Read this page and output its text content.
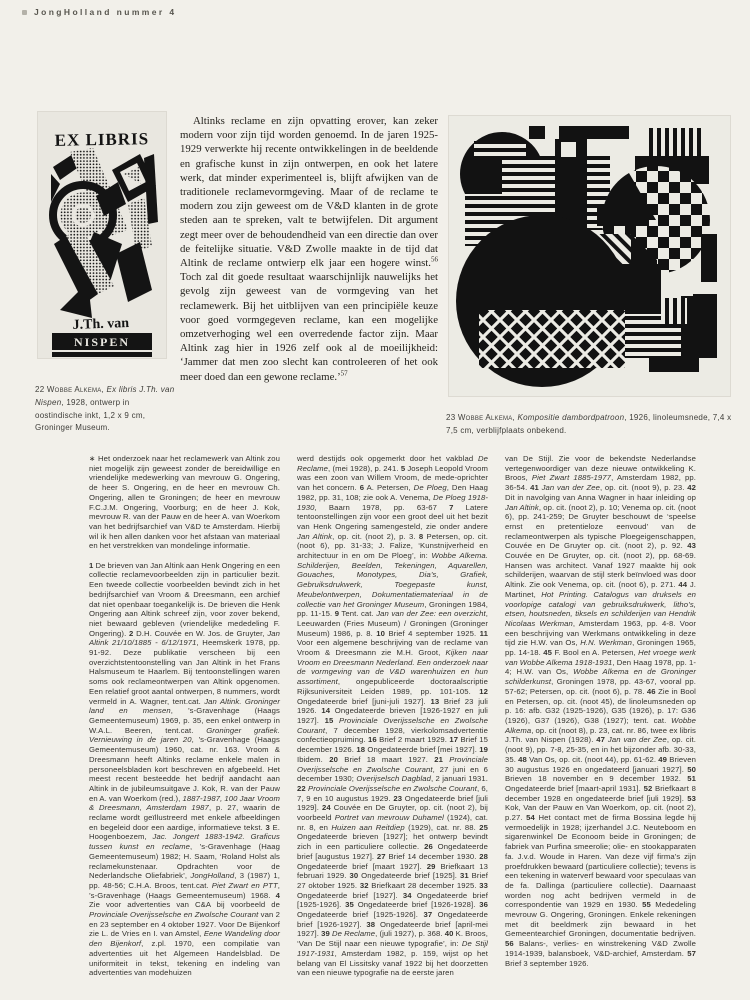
JongHolland nummer 4
EX LIBRIS
J.Th. van
NISPEN

Altinks reclame en zijn opvatting erover, kan zeker modern voor zijn tijd worden genoemd. In de jaren 1925-1929 verwerkte hij recente ontwikkelingen in de beeldende en grafische kunst in zijn ontwerpen, en ook het latere werk, dat minder experimenteel is, blijft afwijken van de traditionele reclamevormgeving. Maar of de reclame te modern zou zijn geweest om de V&D klanten in de grote steden aan te spreken, valt te betwijfelen. Dit argument zegt meer over de behoudendheid van een directie dan over de feitelijke situatie. V&D Zwolle maakte in de tijd dat Altink de reclame ontwierp elk jaar een hogere winst.$^{56}$ Toch zal dit goede resultaat waarschijnlijk nauwelijks het gevolg zijn geweest van de vormgeving van het reclamewerk. Bij het uitblijven van een principiële keuze voor goed vormgegeven reclame, kan een mogelijke omzetverhoging wel een overredende factor zijn. Maar Altink zag hier in 1926 zelf ook al de moeilijkheid: ‘Jammer dat men zoo slecht kan controleeren of het ook meer doed dan een gewone reclame.’$^{57}$

22 Wobbe Alkema, Ex libris J.Th. van Nispen, 1928, ontwerp in oostindische inkt, 1,2 x 9 cm, Groninger Museum.

23 Wobbe Alkema, Kompositie dambordpatroon, 1926, linoleumsnede, 7,4 x 7,5 cm, verblijfplaats onbekend.

∗ Het onderzoek naar het reclamewerk van Altink zou niet mogelijk zijn geweest zonder de bereidwillige en vriendelijke medewerking van mevrouw G. Ongering, de heer S. Ongering, en de heer en mevrouw Ch. Ongering, allen te Groningen; de heer en mevrouw F.C.J.M. Ongering, Voorburg; en de heer J. Kok, mevrouw R. van der Pauw en de heer A. van Woerkom van het bedrijfsarchief van V&D te Amsterdam. Hierbij wil ik hen allen danken voor het afstaan van materiaal en het verstrekken van mondelinge informatie.

1 De brieven van Jan Altink aan Henk Ongering en een collectie reclamevoorbeelden zijn in particulier bezit. Een tweede collectie voorbeelden bevindt zich in het bedrijfsarchief van Vroom & Dreesmann, een archief dat niet openbaar toegankelijk is. De brieven die Henk Ongering aan Altink schreef zijn, voor zover bekend, niet bewaard gebleven (vriendelijke mededeling F. Ongering). 2 D.H. Couvée en W. Jos. de Gruyter, Jan Altink 21/10/1885 - 6/12/1971, Heemskerk 1978, pp. 91-92. Deze publikatie verscheen bij een overzichtstentoonstelling van Jan Altink in het Frans Halsmuseum te Haarlem. Bij tentoonstellingen waren soms ook reclameontwerpen van Altink opgenomen. Een relatief groot aantal ontwerpen, 8 nummers, wordt vermeld in A. Wagner, tent.cat. Jan Altink. Groninger land en mensen, ’s-Gravenhage (Haags Gemeentemuseum) 1969, p. 35, een enkel ontwerp in W.A.L. Beeren, tent.cat. Groninger grafiek. Vernieuwing in de jaren 20, ’s-Gravenhage (Haags Gemeentemuseum) 1960, cat. nr. 163. Vroom & Dreesmann heeft Altinks reclame enkele malen in personeelsbladen kort beschreven en afgebeeld. Het meest recent besteedde het bedrijf aandacht aan Altink in de jubileumsuitgave J. Kok, R. van der Pauw en A. van Woerkom (red.), 1887-1987, 100 Jaar Vroom & Dreesmann, Amsterdam 1987, p. 27, waarin de reclame wordt geïllustreerd met enkele afbeeldingen en begeleid door een aardige, informatieve tekst. 3 E. Hoogenboezem, Jac. Jongert 1883-1942. Graficus tussen kunst en reclame, ’s-Gravenhage (Haag Gemeentemuseum) 1982; H. Saam, ‘Roland Holst als reclamekunstenaar. Opdrachten voor de Nederlandsche Oliefabriek’, JongHolland, 3 (1987) 1, pp. 48-56; C.H.A. Broos, tent.cat. Piet Zwart en PTT, ’s-Gravenhage (Haags Gemeentemuseum) 1968. 4 Zie voor advertenties van C&A bij voorbeeld de Provinciale Overijsselsche en Zwolsche Courant van 2 en 23 september en 4 oktober 1927. Voor De Bijenkorf zie L. de Vries en I. van Amstel, Eene Wandeling door den Bijenkorf, z.pl. 1970, een compilatie van advertenties uit het Algemeen Handelsblad. De uniformiteit in tekst, tekening en indeling van advertenties van modehuizen
werd destijds ook opgemerkt door het vakblad De Reclame, (mei 1928), p. 241. 5 Joseph Leopold Vroom was een zoon van Willem Vroom, de mede-oprichter van het concern. 6 A. Petersen, De Ploeg, Den Haag 1982, pp. 31, 108; zie ook A. Venema, De Ploeg 1918-1930, Baarn 1978, pp. 63-67 7 Latere tentoonstellingen zijn voor een groot deel uit het bezit van Henk Ongering samengesteld, zie onder andere Jan Altink, op. cit. (noot 2), p. 3. 8 Petersen, op. cit. (noot 6), pp. 31-33; J. Falize, ‘Kunstnijverheid en architectuur in en om De Ploeg’, in: Wobbe Alkema. Schilderijen, Beelden, Tekeningen, Aquarellen, Gouaches, Monotypes, Dia’s, Grafiek, Gebruiksdrukwerk, Toegepaste kunst, Meubelontwerpen, Dokumentatiemateriaal in de collectie van het Groninger Museum, Groningen 1984, pp. 11-15. 9 Tent. cat. Jan van der Zee: een overzicht, Leeuwarden (Fries Museum) / Groningen (Groninger Museum) 1986, p. 8. 10 Brief 4 september 1925. 11 Voor een algemene beschrijving van de reclame van Vroom & Dreesmann zie M.H. Groot, Kijken naar Vroom en Dreesmann Nederland. Een onderzoek naar de vormgeving van de V&D warenhuizen en hun assortiment, ongepubliceerde doctoraalscriptie Rijksuniversiteit Leiden 1989, pp. 101-105. 12 Ongedateerde brief [juni-juli 1927]. 13 Brief 23 juli 1926. 14 Ongedateerde brieven [1926-1927 en juli 1927]. 15 Provinciale Overijsselsche en Zwolsche Courant, 7 december 1928, vierkolomsadvertentie confectieopruiming. 16 Brief 2 maart 1929. 17 Brief 15 december 1926. 18 Ongedateerde brief [mei 1927]. 19 Ibidem. 20 Brief 18 maart 1927. 21 Provinciale Overijsselsche en Zwolsche Courant, 27 juni en 6 december 1930; Overijselsch Dagblad, 2 januari 1931. 22 Provinciale Overijsselsche en Zwolsche Courant, 6, 7, 9 en 10 augustus 1929. 23 Ongedateerde brief [juli 1929]. 24 Couvée en De Gruyter, op. cit. (noot 2), bij voorbeeld Portret van mevrouw Duhamel (1924), cat. nr. 8, en Huizen aan Reitdiep (1929), cat. nr. 88. 25 Ongedateerde brieven [1927]; het ontwerp bevindt zich in een particuliere collectie. 26 Ongedateerde brief [augustus 1927]. 27 Brief 14 december 1930. 28 Ongedateerde brief [maart 1927]. 29 Briefkaart 13 februari 1929. 30 Ongedateerde brief [1925]. 31 Brief 27 oktober 1925. 32 Briefkaart 28 december 1925. 33 Ongedateerde brief [1927]. 34 Ongedateerde brief [1925-1926]. 35 Ongedateerde brief [1926-1928]. 36 Ongedateerde brief [1925-1926]. 37 Ongedateerde brief [1926-1927]. 38 Ongedateerde brief [april-mei 1927]. 39 De Reclame, (juli 1927), p. 368. 40 K. Broos, ‘Van De Stijl naar een nieuwe typografie’, in: De Stijl 1917-1931, Amsterdam 1982, p. 159, wijst op het belang van El Lissitsky vanaf 1922 bij het doorzetten van een nieuwe typografie na de eerste jaren
van De Stijl. Zie voor de bekendste Nederlandse vertegenwoordiger van deze nieuwe ontwikkeling K. Broos, Piet Zwart 1885-1977, Amsterdam 1982, pp. 36-54. 41 Jan van der Zee, op. cit. (noot 9), p. 23. 42 Dit in navolging van Anna Wagner in haar inleiding op Jan Altink, op. cit. (noot 2), p. 10; Venema op. cit. (noot 6), pp. 241-259; De Gruyter beschouwt de ‘speelse ernst en pretentieloze eenvoud’ van de reclameontwerpen als typische Ploegeigenschappen, Couvée en De Gruyter op. cit. (noot 2), p. 92. 43 Couvée en De Gruyter, op. cit. (noot 2), pp. 68-69. Hansen was architect. Vanaf 1927 maakte hij ook schilderijen, waarvan de stijl sterk beïnvloed was door Altink. Zie ook Venema, op. cit. (noot 6), p. 271. 44 J. Martinet, Hot Printing. Catalogus van druksels en voorlopige catalogi van gebruiksdrukwerk, litho’s, etsen, houtsneden, tiksels en schilderijen van Hendrik Nicolaas Werkman, Amsterdam 1963, pp. 4-8. Voor een beschrijving van Werkmans ontwikkeling in deze tijd zie H.W. van Os, H.N. Werkman, Groningen 1965, pp. 14-18. 45 F. Bool en A. Petersen, Het vroege werk van Wobbe Alkema 1918-1931, Den Haag 1978, pp. 1-4; H.W. van Os, Wobbe Alkema en de Groninger schilderkunst, Groningen 1978, pp. 43-67, vooral pp. 57-62; Petersen, op. cit. (noot 6), p. 78. 46 Zie in Bool en Petersen, op. cit. (noot 45), de linoleumsneden op p. 16: afb. G32 (1925-1926), G35 (1926), p. 17: G36 (1926), G37 (1926), G38 (1927); tent. cat. Wobbe Alkema, op. cit (noot 8), p. 23, cat. nr. 86, twee ex libris J.Th. van Nispen (1928). 47 Jan van der Zee, op. cit. (noot 9), pp. 7-8, 25-35, en in het bijzonder afb. 30-33, 35. 48 Van Os, op. cit. (noot 44), pp. 61-62. 49 Brieven 30 augustus 1926 en ongedateerd [januari 1927]. 50 Brieven 18 november en 9 december 1932. 51 Ongedateerde brief [maart-april 1931]. 52 Briefkaart 8 december 1928 en ongedateerde brief [juli 1929]. 53 Kok, Van der Pauw en Van Woerkom, op. cit. (noot 2), p.27. 54 Het contact met de firma Bossina legde hij vermoedelijk in 1928; ijzerhandel J.C. Neuteboom en sigarenwinkel De Econoom beide in Groningen; de fabriek van Purfina smeerolie; olie- en stookapparaten fa. J.v.d. Woude in Haren. Van deze vijf firma’s zijn proefdrukken bewaard (particuliere collectie); tevens is een tekening in waterverf bewaard voor speculaas van de fa. Dallinga (particuliere collectie). Daarnaast worden nog acht bedrijven vermeld in de correspondentie van 1929 en 1930. 55 Mededeling mevrouw G. Ongering, Groningen. Enkele rekeningen met dit beeldmerk zijn bewaard in het Gemeentearchief Groningen, documentatie bedrijven. 56 Balans-, verlies- en winstrekening V&D Zwolle 1914-1939, balansboek, V&D-archief, Amsterdam. 57 Brief 3 september 1926.
